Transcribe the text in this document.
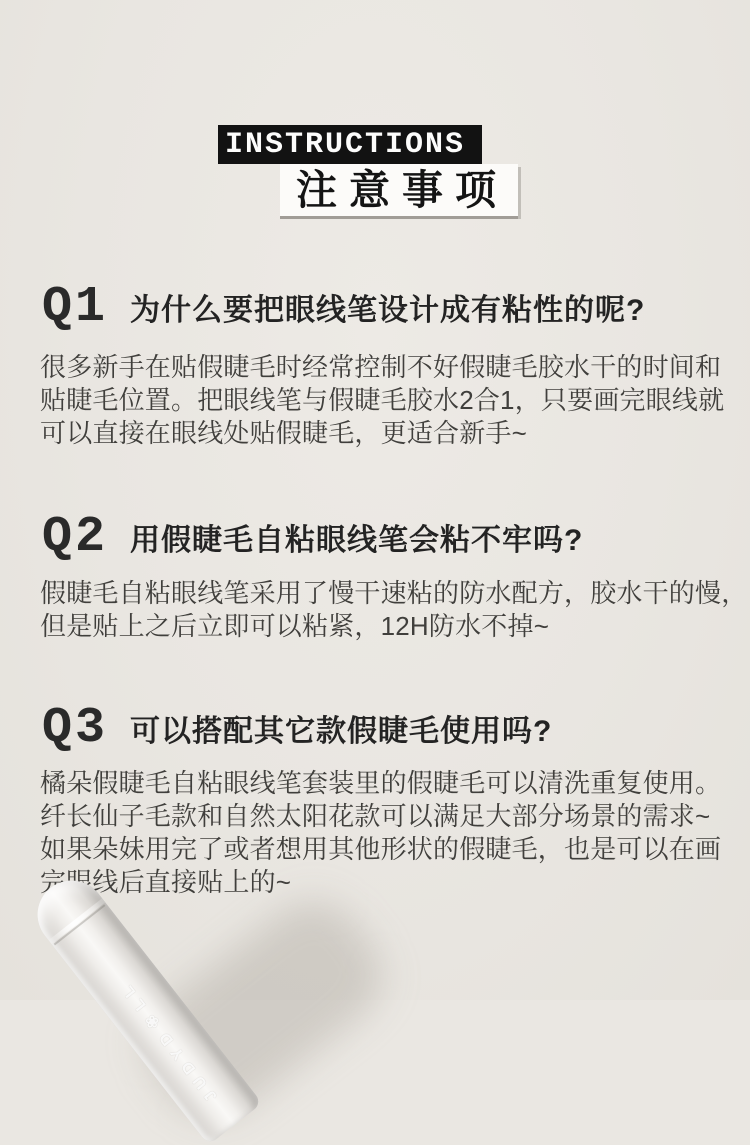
INSTRUCTIONS
注意事项
Q1 为什么要把眼线笔设计成有粘性的呢?
很多新手在贴假睫毛时经常控制不好假睫毛胶水干的时间和
贴睫毛位置。把眼线笔与假睫毛胶水2合1，只要画完眼线就
可以直接在眼线处贴假睫毛，更适合新手~
Q2 用假睫毛自粘眼线笔会粘不牢吗?
假睫毛自粘眼线笔采用了慢干速粘的防水配方，胶水干的慢，
但是贴上之后立即可以粘紧，12H防水不掉~
Q3 可以搭配其它款假睫毛使用吗?
橘朵假睫毛自粘眼线笔套装里的假睫毛可以清洗重复使用。
纤长仙子毛款和自然太阳花款可以满足大部分场景的需求~
如果朵妹用完了或者想用其他形状的假睫毛，也是可以在画
完眼线后直接贴上的~
JUDYD❀LL
